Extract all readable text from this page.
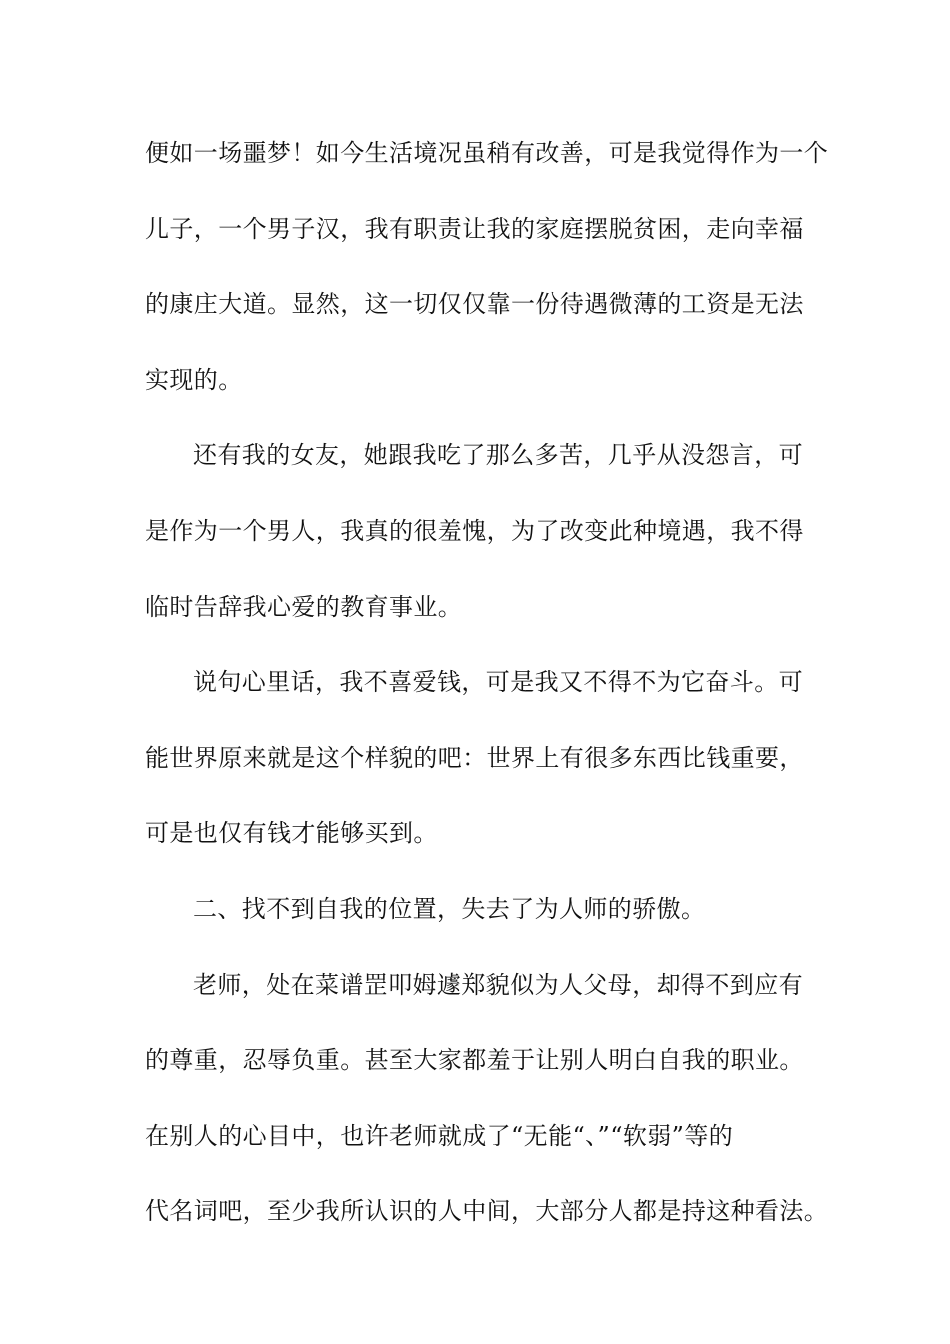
便如一场噩梦！如今生活境况虽稍有改善，可是我觉得作为一个
儿子，一个男子汉，我有职责让我的家庭摆脱贫困，走向幸福
的康庄大道。显然，这一切仅仅靠一份待遇微薄的工资是无法
实现的。
还有我的女友，她跟我吃了那么多苦，几乎从没怨言，可
是作为一个男人，我真的很羞愧，为了改变此种境遇，我不得
临时告辞我心爱的教育事业。
说句心里话，我不喜爱钱，可是我又不得不为它奋斗。可
能世界原来就是这个样貌的吧：世界上有很多东西比钱重要，
可是也仅有钱才能够买到。
二、找不到自我的位置，失去了为人师的骄傲。
老师，处在菜谱罡叩姆遽郑貌似为人父母，却得不到应有
的尊重，忍辱负重。甚至大家都羞于让别人明白自我的职业。
在别人的心目中，也许老师就成了“无能“、”“软弱”等的
代名词吧，至少我所认识的人中间，大部分人都是持这种看法。
